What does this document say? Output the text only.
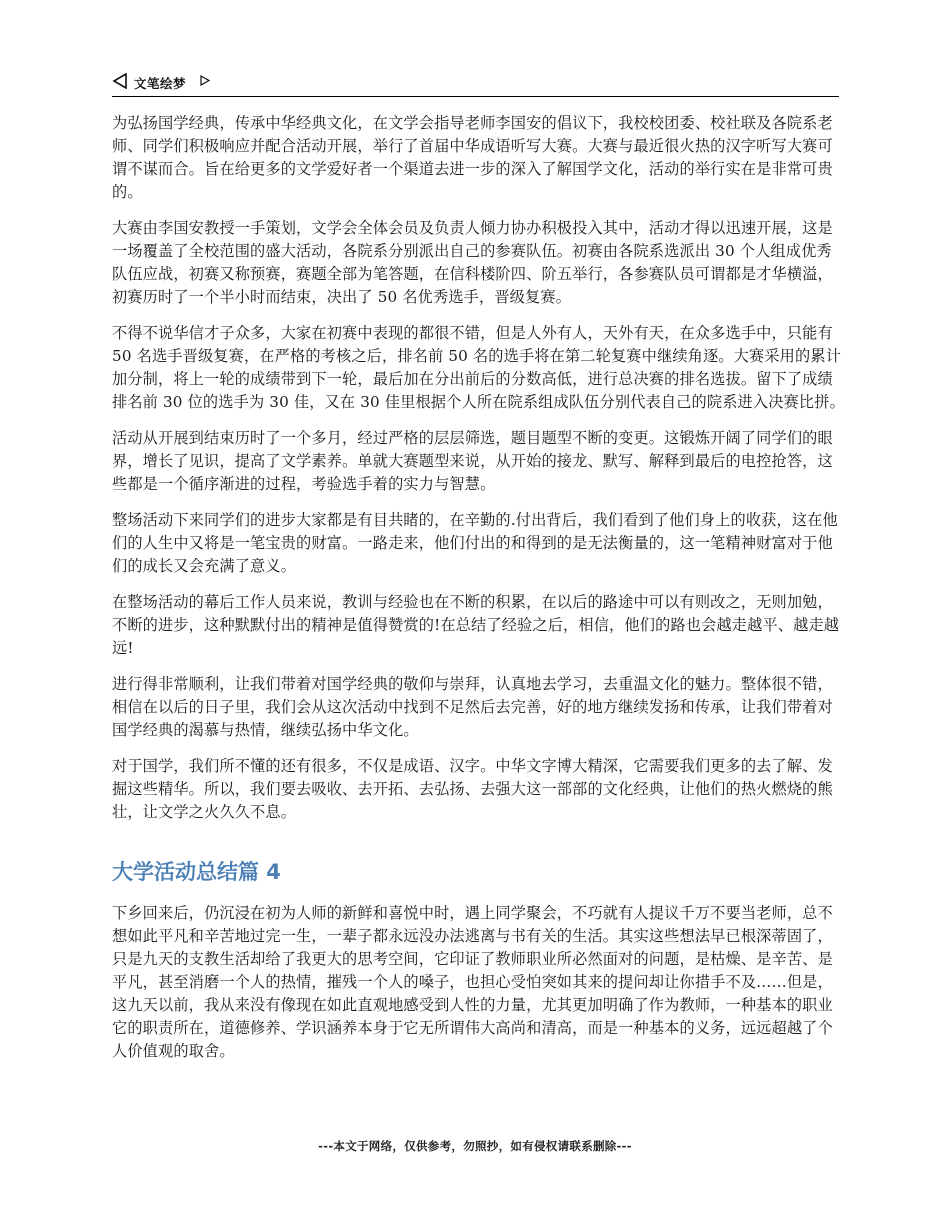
文笔绘梦

为弘扬国学经典，传承中华经典文化，在文学会指导老师李国安的倡议下，我校校团委、校社联及各院系老师、同学们积极响应并配合活动开展，举行了首届中华成语听写大赛。大赛与最近很火热的汉字听写大赛可谓不谋而合。旨在给更多的文学爱好者一个渠道去进一步的深入了解国学文化，活动的举行实在是非常可贵的。

大赛由李国安教授一手策划，文学会全体会员及负责人倾力协办积极投入其中，活动才得以迅速开展，这是一场覆盖了全校范围的盛大活动，各院系分别派出自己的参赛队伍。初赛由各院系选派出 30 个人组成优秀队伍应战，初赛又称预赛，赛题全部为笔答题，在信科楼阶四、阶五举行，各参赛队员可谓都是才华横溢，初赛历时了一个半小时而结束，决出了 50 名优秀选手，晋级复赛。

不得不说华信才子众多，大家在初赛中表现的都很不错，但是人外有人，天外有天，在众多选手中，只能有 50 名选手晋级复赛，在严格的考核之后，排名前 50 名的选手将在第二轮复赛中继续角逐。大赛采用的累计加分制，将上一轮的成绩带到下一轮，最后加在分出前后的分数高低，进行总决赛的排名选拔。留下了成绩排名前 30 位的选手为 30 佳，又在 30 佳里根据个人所在院系组成队伍分别代表自己的院系进入决赛比拼。

活动从开展到结束历时了一个多月，经过严格的层层筛选，题目题型不断的变更。这锻炼开阔了同学们的眼界，增长了见识，提高了文学素养。单就大赛题型来说，从开始的接龙、默写、解释到最后的电控抢答，这些都是一个循序渐进的过程，考验选手着的实力与智慧。

整场活动下来同学们的进步大家都是有目共睹的，在辛勤的.付出背后，我们看到了他们身上的收获，这在他们的人生中又将是一笔宝贵的财富。一路走来，他们付出的和得到的是无法衡量的，这一笔精神财富对于他们的成长又会充满了意义。

在整场活动的幕后工作人员来说，教训与经验也在不断的积累，在以后的路途中可以有则改之，无则加勉，不断的进步，这种默默付出的精神是值得赞赏的!在总结了经验之后，相信，他们的路也会越走越平、越走越远!

进行得非常顺利，让我们带着对国学经典的敬仰与崇拜，认真地去学习，去重温文化的魅力。整体很不错，相信在以后的日子里，我们会从这次活动中找到不足然后去完善，好的地方继续发扬和传承，让我们带着对国学经典的渴慕与热情，继续弘扬中华文化。

对于国学，我们所不懂的还有很多，不仅是成语、汉字。中华文字博大精深，它需要我们更多的去了解、发掘这些精华。所以，我们要去吸收、去开拓、去弘扬、去强大这一部部的文化经典，让他们的热火燃烧的熊壮，让文学之火久久不息。

大学活动总结篇 4

下乡回来后，仍沉浸在初为人师的新鲜和喜悦中时，遇上同学聚会，不巧就有人提议千万不要当老师，总不想如此平凡和辛苦地过完一生，一辈子都永远没办法逃离与书有关的生活。其实这些想法早已根深蒂固了，只是九天的支教生活却给了我更大的思考空间，它印证了教师职业所必然面对的问题，是枯燥、是辛苦、是平凡，甚至消磨一个人的热情，摧残一个人的嗓子，也担心受怕突如其来的提问却让你措手不及……但是，这九天以前，我从来没有像现在如此直观地感受到人性的力量，尤其更加明确了作为教师，一种基本的职业它的职责所在，道德修养、学识涵养本身于它无所谓伟大高尚和清高，而是一种基本的义务，远远超越了个人价值观的取舍。

---本文于网络，仅供参考，勿照抄，如有侵权请联系删除---
